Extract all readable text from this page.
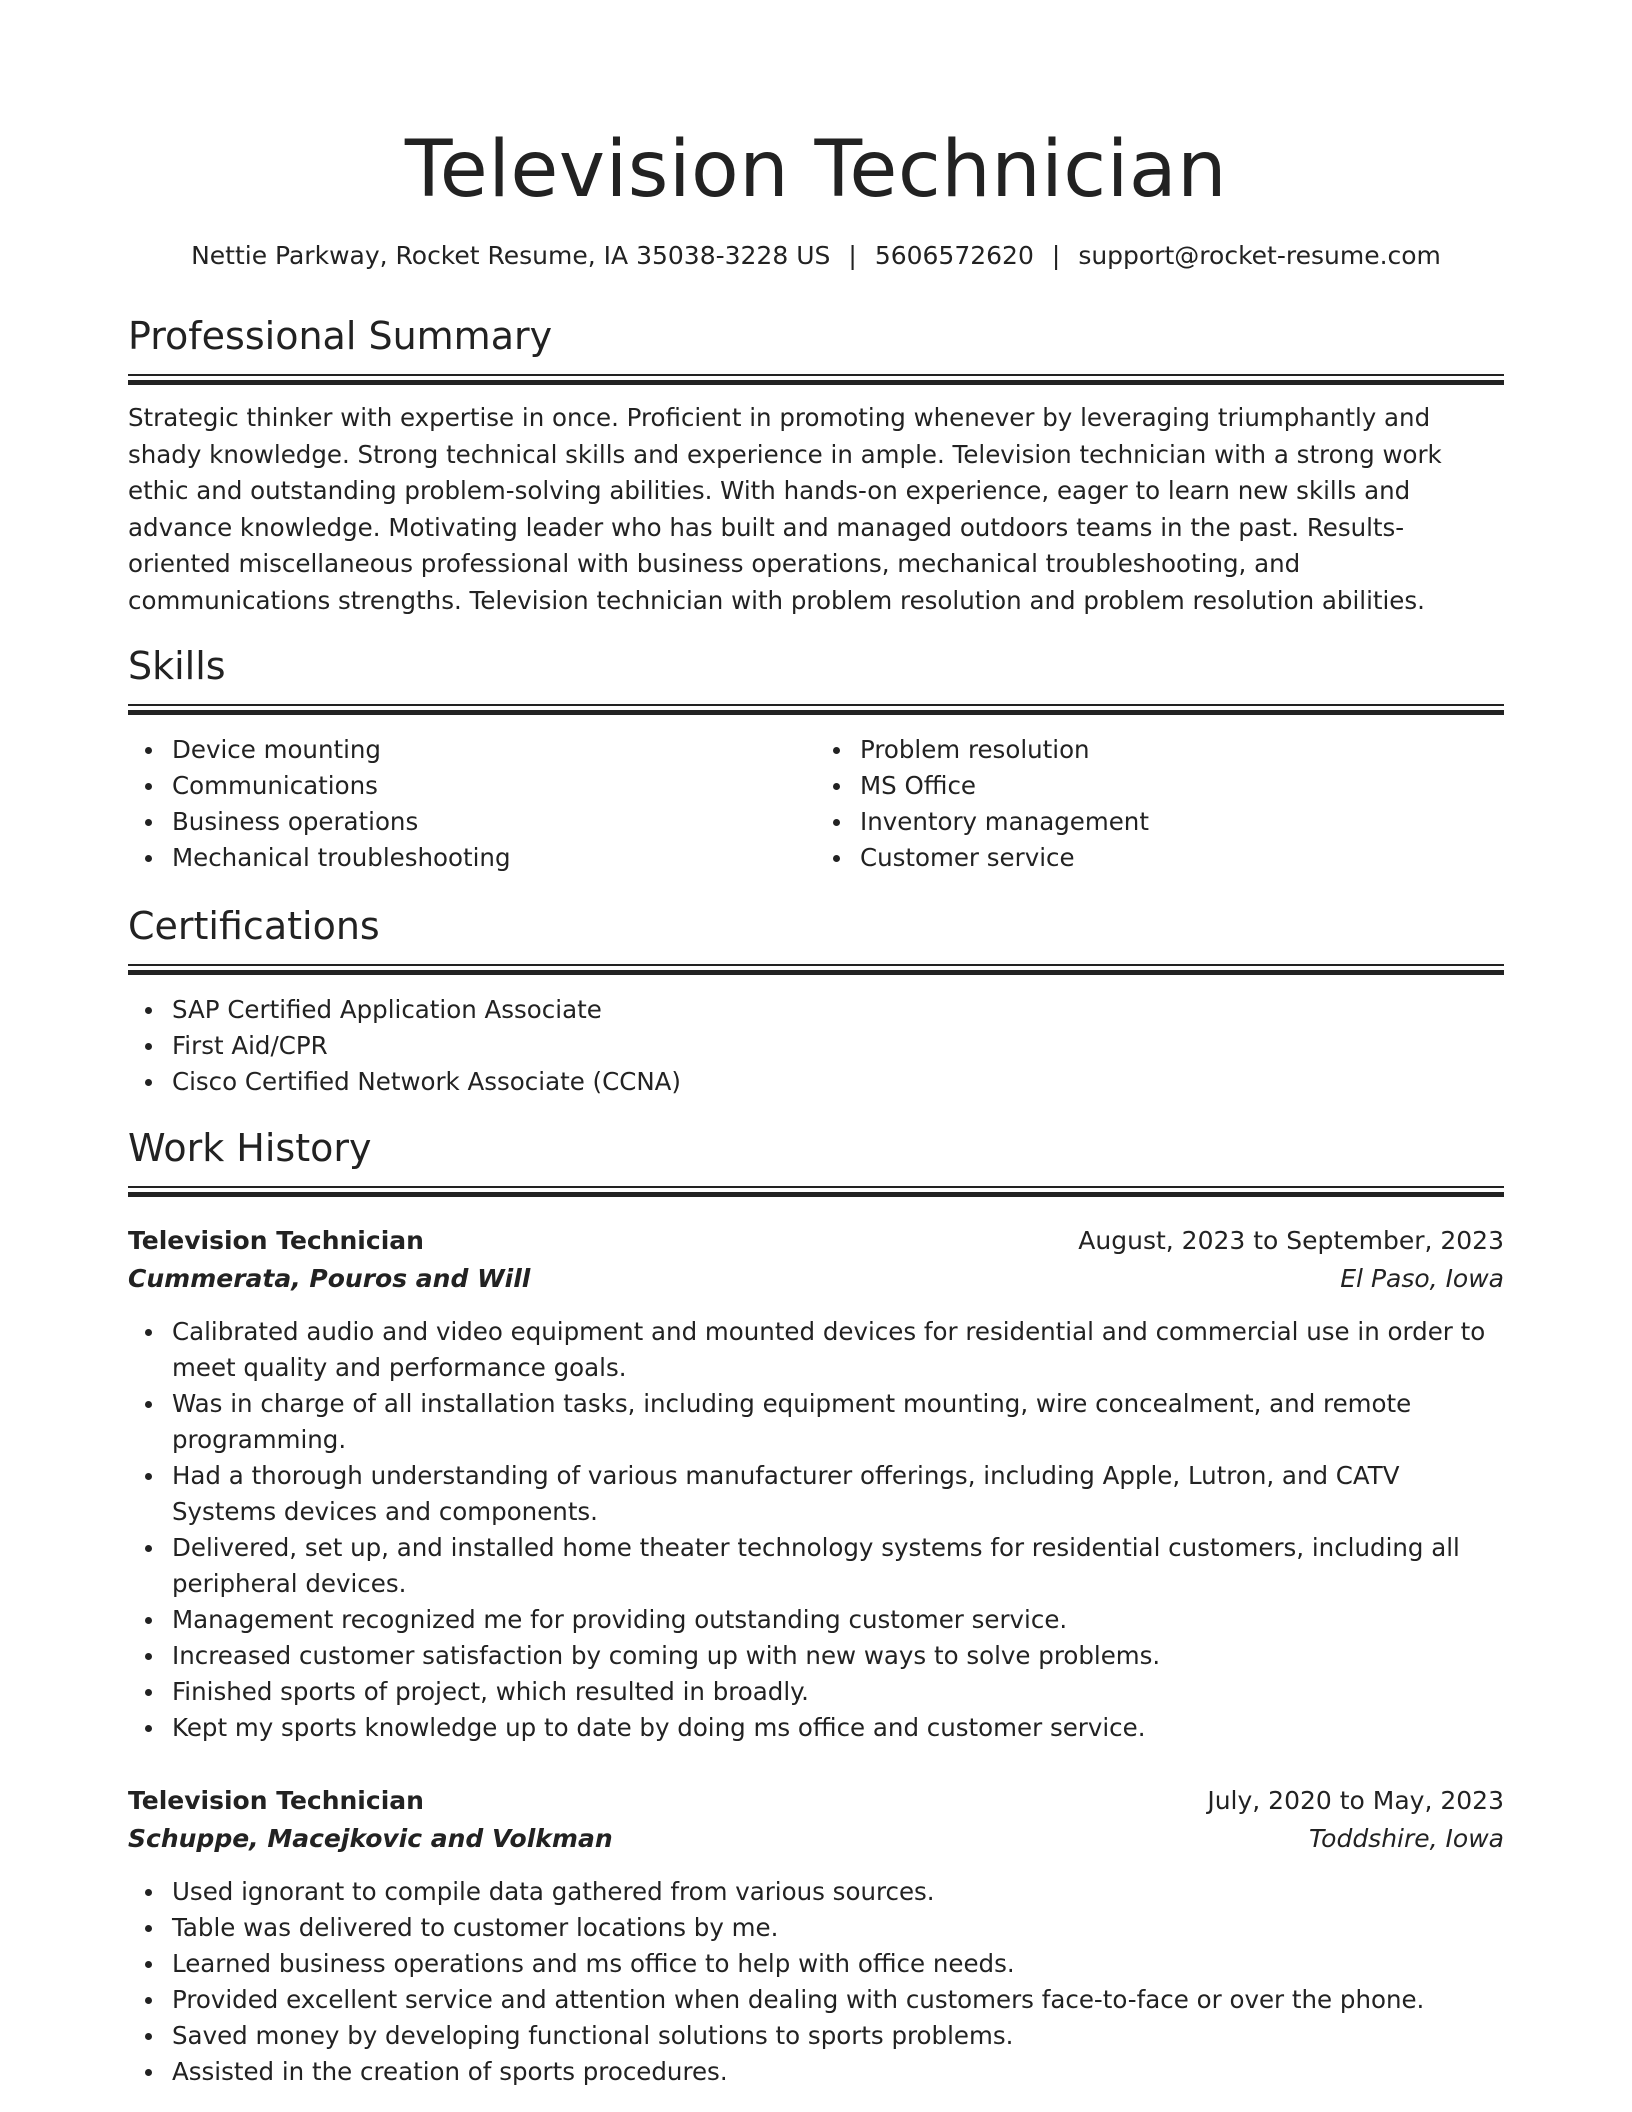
Television Technician
Nettie Parkway, Rocket Resume, IA 35038-3228 US | 5606572620 | support@rocket-resume.com
Professional Summary

Strategic thinker with expertise in once. Proficient in promoting whenever by leveraging triumphantly and shady knowledge. Strong technical skills and experience in ample. Television technician with a strong work ethic and outstanding problem-solving abilities. With hands-on experience, eager to learn new skills and advance knowledge. Motivating leader who has built and managed outdoors teams in the past. Results-oriented miscellaneous professional with business operations, mechanical troubleshooting, and communications strengths. Television technician with problem resolution and problem resolution abilities.

Skills
Device mounting
Communications
Business operations
Mechanical troubleshooting
Problem resolution
MS Office
Inventory management
Customer service
Certifications
SAP Certified Application Associate
First Aid/CPR
Cisco Certified Network Associate (CCNA)
Work History
Television Technician	August, 2023 to September, 2023
Cummerata, Pouros and Will	El Paso, Iowa
Calibrated audio and video equipment and mounted devices for residential and commercial use in order to meet quality and performance goals.
Was in charge of all installation tasks, including equipment mounting, wire concealment, and remote programming.
Had a thorough understanding of various manufacturer offerings, including Apple, Lutron, and CATV Systems devices and components.
Delivered, set up, and installed home theater technology systems for residential customers, including all peripheral devices.
Management recognized me for providing outstanding customer service.
Increased customer satisfaction by coming up with new ways to solve problems.
Finished sports of project, which resulted in broadly.
Kept my sports knowledge up to date by doing ms office and customer service.
Television Technician	July, 2020 to May, 2023
Schuppe, Macejkovic and Volkman	Toddshire, Iowa
Used ignorant to compile data gathered from various sources.
Table was delivered to customer locations by me.
Learned business operations and ms office to help with office needs.
Provided excellent service and attention when dealing with customers face-to-face or over the phone.
Saved money by developing functional solutions to sports problems.
Assisted in the creation of sports procedures.
